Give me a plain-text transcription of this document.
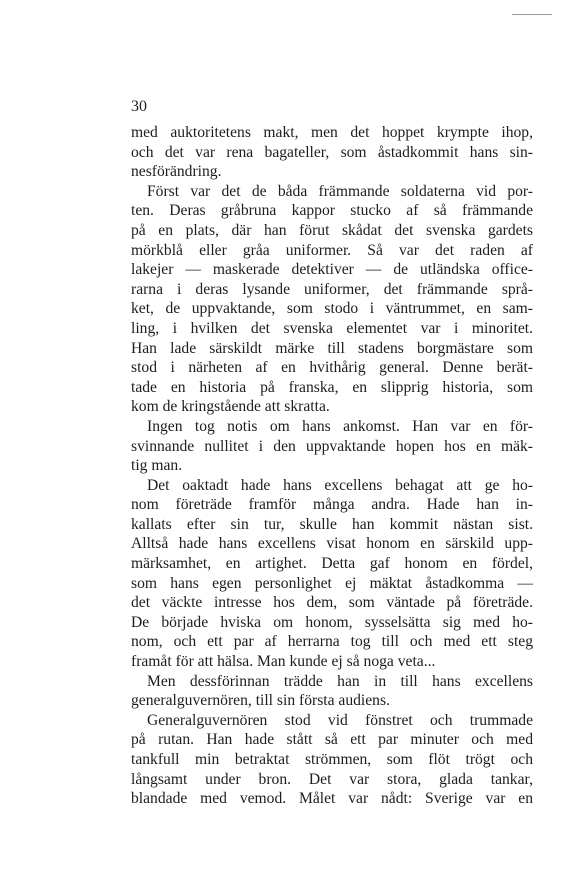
30
med auktoritetens makt, men det hoppet krympte ihop,
och det var rena bagateller, som åstadkommit hans sin-
nesförändring.
Först var det de båda främmande soldaterna vid por-
ten. Deras gråbruna kappor stucko af så främmande
på en plats, där han förut skådat det svenska gardets
mörkblå eller gråa uniformer. Så var det raden af
lakejer — maskerade detektiver — de utländska office-
rarna i deras lysande uniformer, det främmande språ-
ket, de uppvaktande, som stodo i väntrummet, en sam-
ling, i hvilken det svenska elementet var i minoritet.
Han lade särskildt märke till stadens borgmästare som
stod i närheten af en hvithårig general. Denne berät-
tade en historia på franska, en slipprig historia, som
kom de kringstående att skratta.
Ingen tog notis om hans ankomst. Han var en för-
svinnande nullitet i den uppvaktande hopen hos en mäk-
tig man.
Det oaktadt hade hans excellens behagat att ge ho-
nom företräde framför många andra. Hade han in-
kallats efter sin tur, skulle han kommit nästan sist.
Alltså hade hans excellens visat honom en särskild upp-
märksamhet, en artighet. Detta gaf honom en fördel,
som hans egen personlighet ej mäktat åstadkomma —
det väckte intresse hos dem, som väntade på företräde.
De började hviska om honom, sysselsätta sig med ho-
nom, och ett par af herrarna tog till och med ett steg
framåt för att hälsa. Man kunde ej så noga veta...
Men dessförinnan trädde han in till hans excellens
generalguvernören, till sin första audiens.
Generalguvernören stod vid fönstret och trummade
på rutan. Han hade stått så ett par minuter och med
tankfull min betraktat strömmen, som flöt trögt och
långsamt under bron. Det var stora, glada tankar,
blandade med vemod. Målet var nådt: Sverige var en
